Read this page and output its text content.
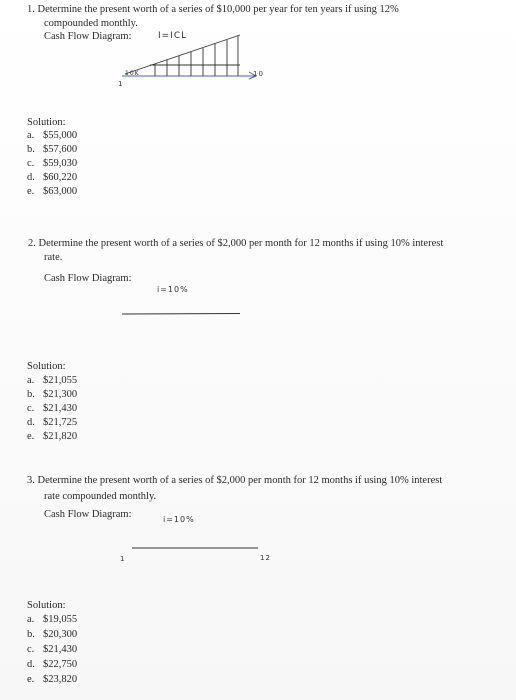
1. Determine the present worth of a series of $10,000 per year for ten years if using 12%
compounded monthly.
Cash Flow Diagram:	I=ICL
10K
1
10
Solution:
a. $55,000
b. $57,600
c. $59,030
d. $60,220
e. $63,000
2. Determine the present worth of a series of $2,000 per month for 12 months if using 10% interest
rate.
Cash Flow Diagram:
i=10%
Solution:
a. $21,055
b. $21,300
c. $21,430
d. $21,725
e. $21,820
3. Determine the present worth of a series of $2,000 per month for 12 months if using 10% interest
rate compounded monthly.
Cash Flow Diagram:	i=10%
1	12
Solution:
a. $19,055
b. $20,300
c. $21,430
d. $22,750
e. $23,820
